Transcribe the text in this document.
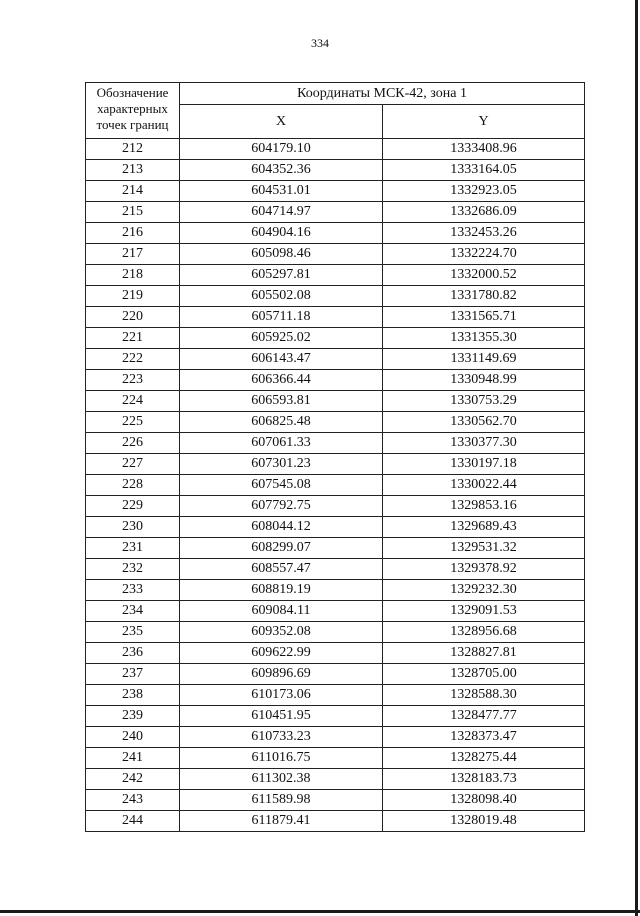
334
Обозначение характерных точек границ	Координаты МСК-42, зона 1	
	X	Y
212	604179.10	1333408.96
213	604352.36	1333164.05
214	604531.01	1332923.05
215	604714.97	1332686.09
216	604904.16	1332453.26
217	605098.46	1332224.70
218	605297.81	1332000.52
219	605502.08	1331780.82
220	605711.18	1331565.71
221	605925.02	1331355.30
222	606143.47	1331149.69
223	606366.44	1330948.99
224	606593.81	1330753.29
225	606825.48	1330562.70
226	607061.33	1330377.30
227	607301.23	1330197.18
228	607545.08	1330022.44
229	607792.75	1329853.16
230	608044.12	1329689.43
231	608299.07	1329531.32
232	608557.47	1329378.92
233	608819.19	1329232.30
234	609084.11	1329091.53
235	609352.08	1328956.68
236	609622.99	1328827.81
237	609896.69	1328705.00
238	610173.06	1328588.30
239	610451.95	1328477.77
240	610733.23	1328373.47
241	611016.75	1328275.44
242	611302.38	1328183.73
243	611589.98	1328098.40
244	611879.41	1328019.48
